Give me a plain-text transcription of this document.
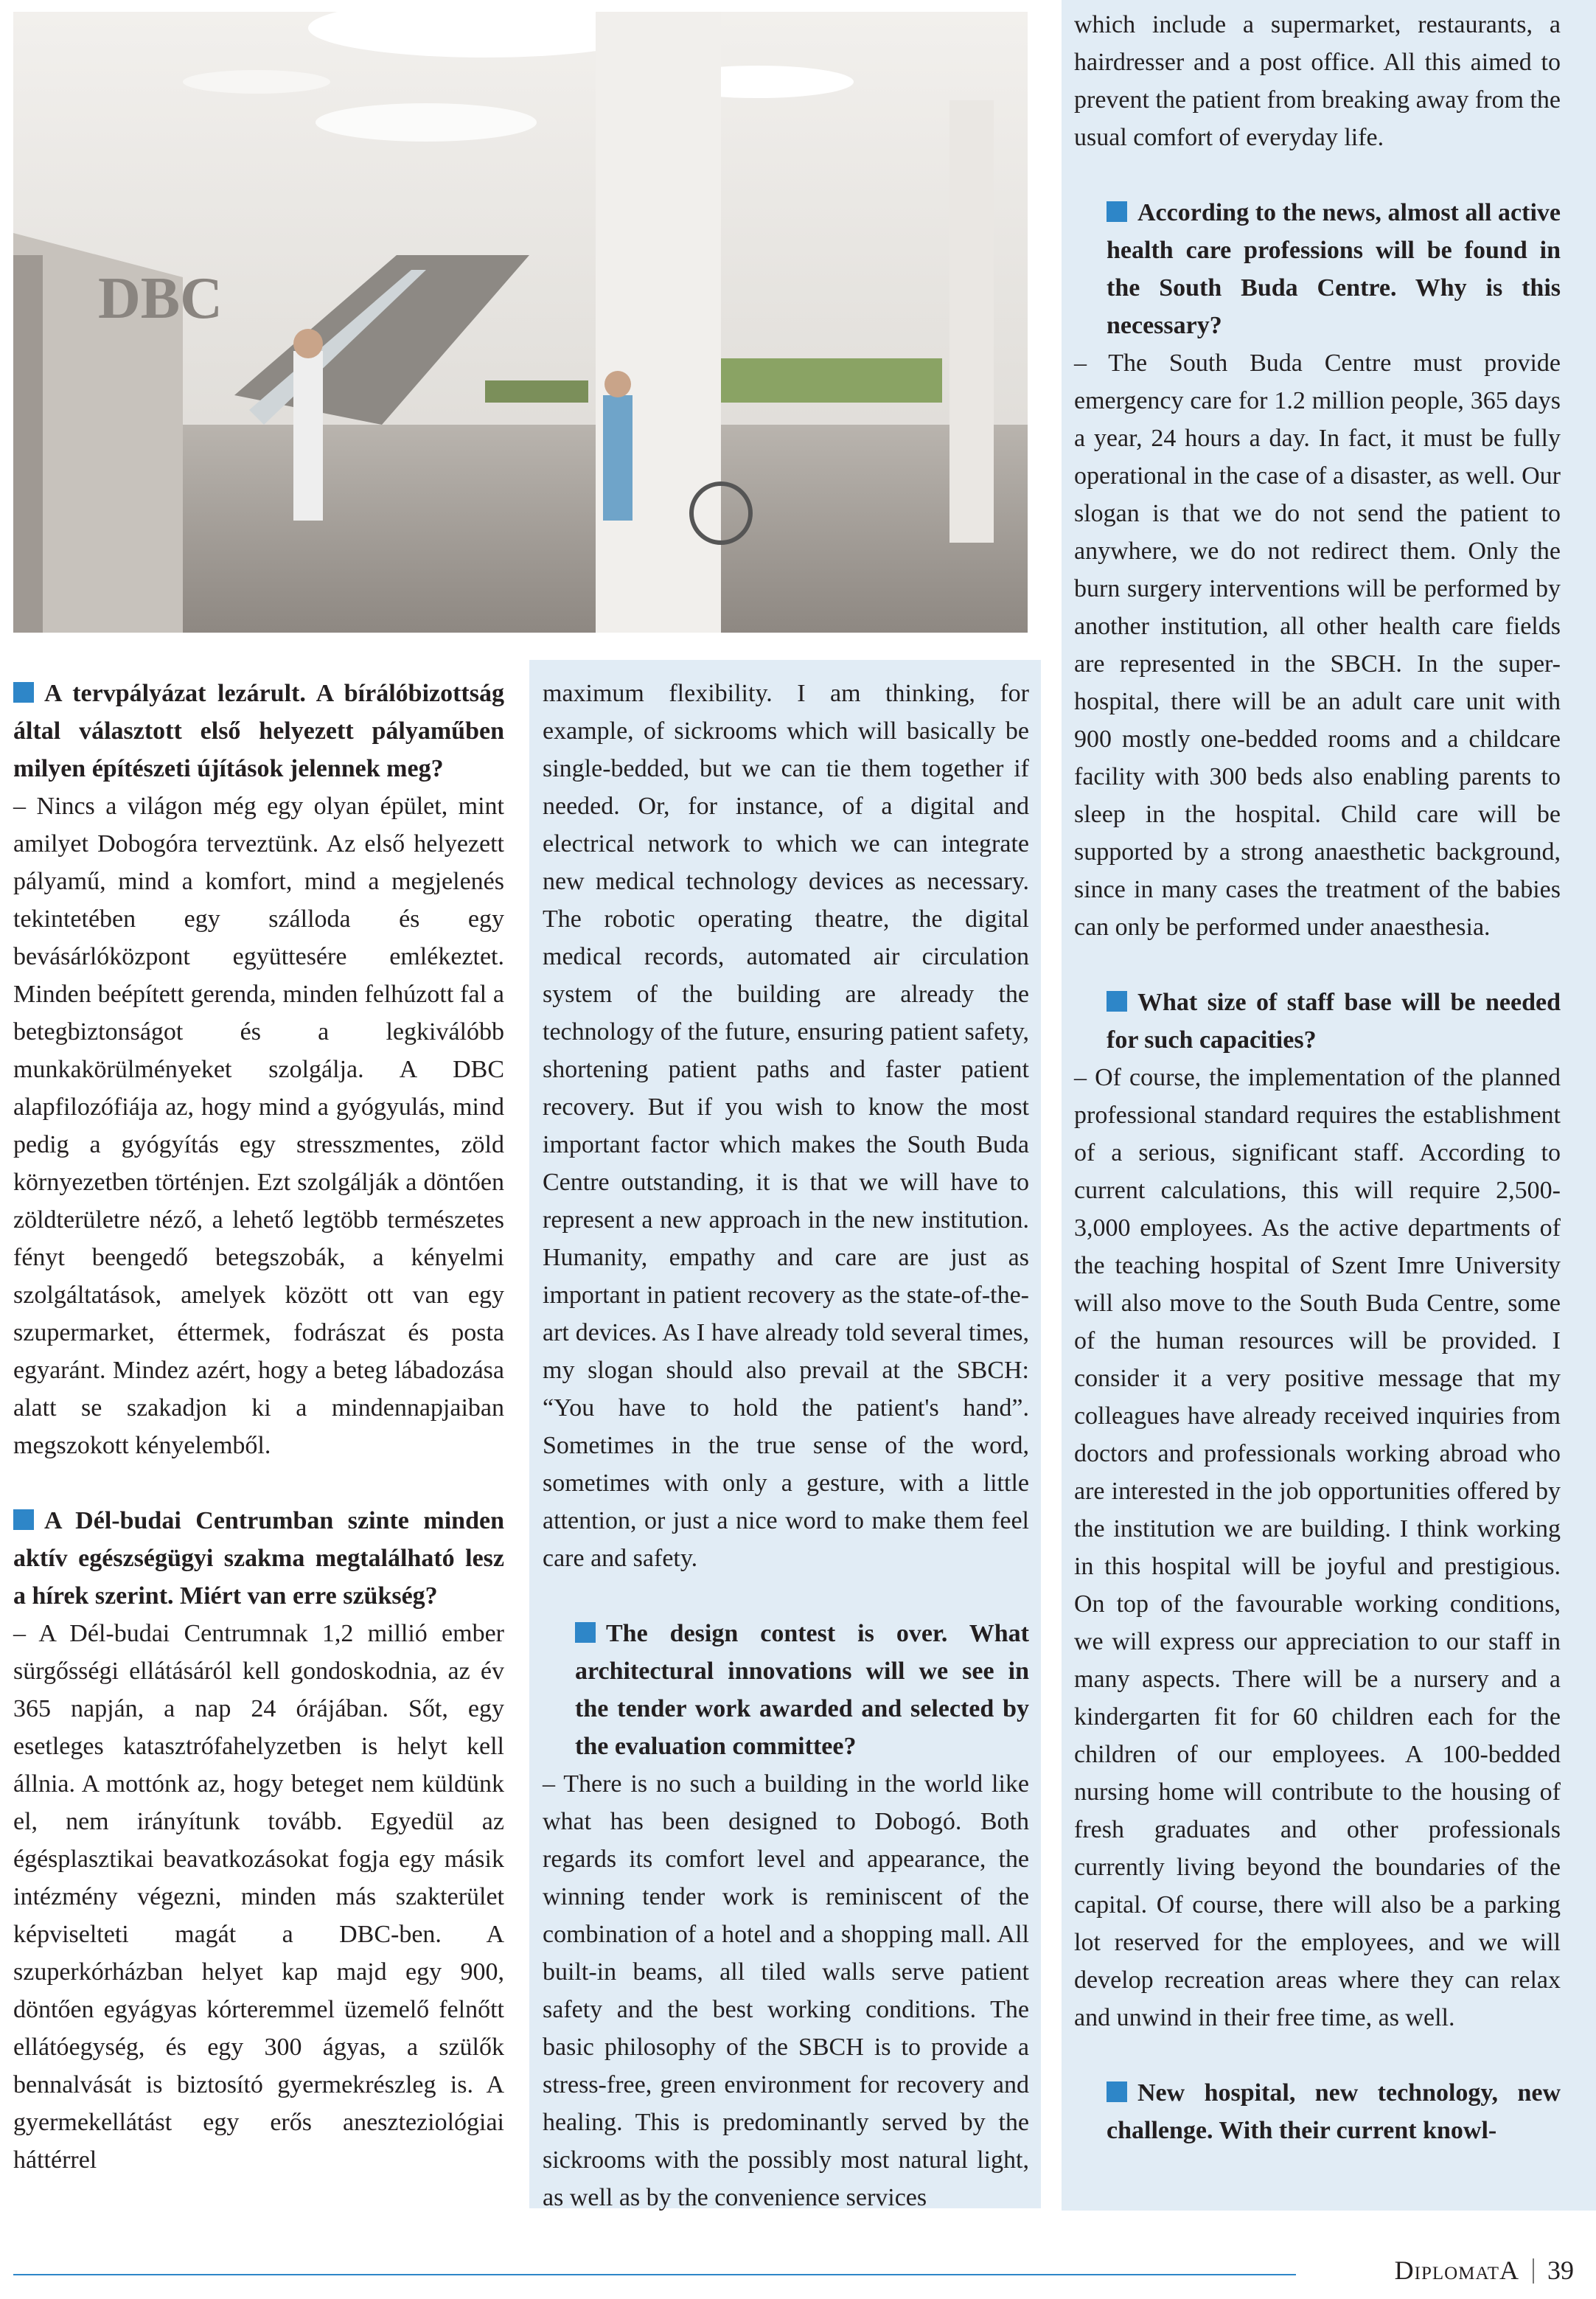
DBC

A tervpályázat lezárult. A bírálóbizottság által választott első helyezett pályaműben milyen építészeti újítások jelennek meg?

– Nincs a világon még egy olyan épület, mint amilyet Dobogóra terveztünk. Az első helyezett pályamű, mind a komfort, mind a megjelenés tekintetében egy szálloda és egy bevásárlóközpont együttesére emlékeztet. Minden beépített gerenda, minden felhúzott fal a betegbiztonságot és a legkiválóbb munkakörülményeket szolgálja. A DBC alapfilozófiája az, hogy mind a gyógyulás, mind pedig a gyógyítás egy stresszmentes, zöld környezetben történjen. Ezt szolgálják a döntően zöldterületre néző, a lehető legtöbb természetes fényt beengedő betegszobák, a kényelmi szolgáltatások, amelyek között ott van egy szupermarket, éttermek, fodrászat és posta egyaránt. Mindez azért, hogy a beteg lábadozása alatt se szakadjon ki a mindennapjaiban megszokott kényelemből.

A Dél-budai Centrumban szinte minden aktív egészségügyi szakma megtalálható lesz a hírek szerint. Miért van erre szükség?

– A Dél-budai Centrumnak 1,2 millió ember sürgősségi ellátásáról kell gondoskodnia, az év 365 napján, a nap 24 órájában. Sőt, egy esetleges katasztrófahelyzetben is helyt kell állnia. A mottónk az, hogy beteget nem küldünk el, nem irányítunk tovább. Egyedül az égésplasztikai beavatkozásokat fogja egy másik intézmény végezni, minden más szakterület képviselteti magát a DBC-ben. A szuperkórházban helyet kap majd egy 900, döntően egyágyas kórteremmel üzemelő felnőtt ellátóegység, és egy 300 ágyas, a szülők bennalvását is biztosító gyermekrészleg is. A gyermekellátást egy erős aneszteziológiai háttérrel

maximum flexibility. I am thinking, for example, of sickrooms which will basically be single-bedded, but we can tie them together if needed. Or, for instance, of a digital and electrical network to which we can integrate new medical technology devices as necessary. The robotic operating theatre, the digital medical records, automated air circulation system of the building are already the technology of the future, ensuring patient safety, shortening patient paths and faster patient recovery. But if you wish to know the most important factor which makes the South Buda Centre outstanding, it is that we will have to represent a new approach in the new institution. Humanity, empathy and care are just as important in patient recovery as the state-of-the-art devices. As I have already told several times, my slogan should also prevail at the SBCH: “You have to hold the patient's hand”. Sometimes in the true sense of the word, sometimes with only a gesture, with a little attention, or just a nice word to make them feel care and safety.

The design contest is over. What architectural innovations will we see in the tender work awarded and selected by the evaluation committee?

– There is no such a building in the world like what has been designed to Dobogó. Both regards its comfort level and appearance, the winning tender work is reminiscent of the combination of a hotel and a shopping mall. All built-in beams, all tiled walls serve patient safety and the best working conditions. The basic philosophy of the SBCH is to provide a stress-free, green environment for recovery and healing. This is predominantly served by the sickrooms with the possibly most natural light, as well as by the convenience services

which include a supermarket, restaurants, a hairdresser and a post office. All this aimed to prevent the patient from breaking away from the usual comfort of everyday life.

According to the news, almost all active health care professions will be found in the South Buda Centre. Why is this necessary?

– The South Buda Centre must provide emergency care for 1.2 million people, 365 days a year, 24 hours a day. In fact, it must be fully operational in the case of a disaster, as well. Our slogan is that we do not send the patient to anywhere, we do not redirect them. Only the burn surgery interventions will be performed by another institution, all other health care fields are represented in the SBCH. In the super-hospital, there will be an adult care unit with 900 mostly one-bedded rooms and a childcare facility with 300 beds also enabling parents to sleep in the hospital. Child care will be supported by a strong anaesthetic background, since in many cases the treatment of the babies can only be performed under anaesthesia.

What size of staff base will be needed for such capacities?

– Of course, the implementation of the planned professional standard requires the establishment of a serious, significant staff. According to current calculations, this will require 2,500-3,000 employees. As the active departments of the teaching hospital of Szent Imre University will also move to the South Buda Centre, some of the human resources will be provided. I consider it a very positive message that my colleagues have already received inquiries from doctors and professionals working abroad who are interested in the job opportunities offered by the institution we are building. I think working in this hospital will be joyful and prestigious. On top of the favourable working conditions, we will express our appreciation to our staff in many aspects. There will be a nursery and a kindergarten fit for 60 children each for the children of our employees. A 100-bedded nursing home will contribute to the housing of fresh graduates and other professionals currently living beyond the boundaries of the capital. Of course, there will also be a parking lot reserved for the employees, and we will develop recreation areas where they can relax and unwind in their free time, as well.

New hospital, new technology, new challenge. With their current knowl-

DiplomatA 39
